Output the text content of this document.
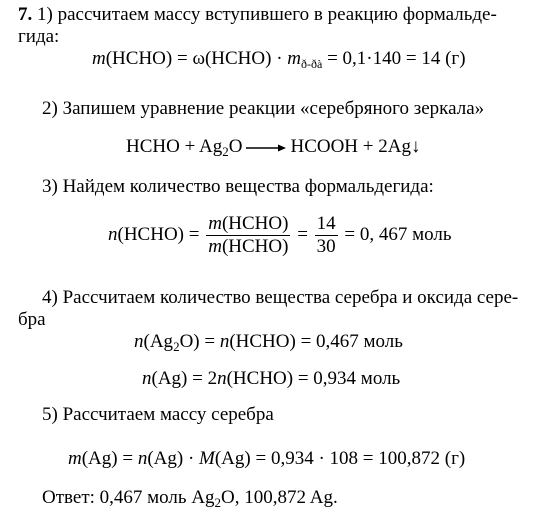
7. 1) рассчитаем массу вступившего в реакцию формальде-
гида:
m(HCHO) = ω(HCHO) · $m_{ð-ðà} = 0,1\cdot 140 = 14$ (г)
2) Запишем уравнение реакции «серебряного зеркала»
HCHO + $Ag_2O$ → HCOOH + 2Ag↓
3) Найдем количество вещества формальдегида:
n(HCHO) = $\frac{\text{m(HCHO)}}{\text{m(HCHO)}} = \frac{14}{30} = 0$, 467 моль
4) Рассчитаем количество вещества серебра и оксида сере-
бра
$n(Ag_2O)$ = n(HCHO) = 0,467 моль
n(Ag) = 2n(HCHO) = 0,934 моль
5) Рассчитаем массу серебра
m(Ag) = n(Ag) · M(Ag) = 0,934 · 108 = 100,872 (г)
Ответ: 0,467 моль $Ag_2O$, 100,872 Ag.
